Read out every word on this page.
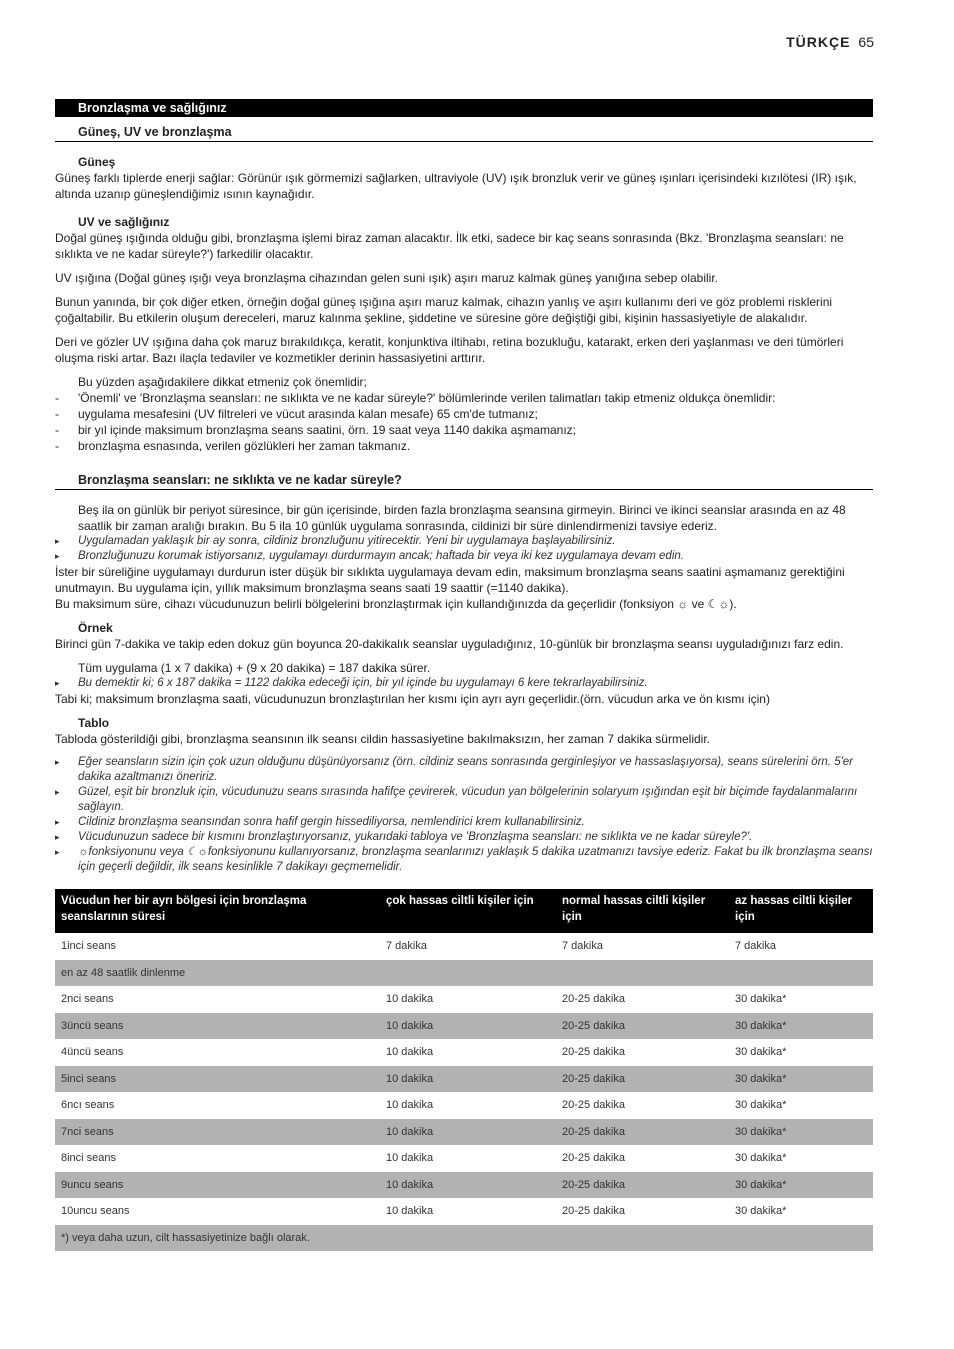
TÜRKÇE 65
Bronzlaşma ve sağlığınız
Güneş, UV ve bronzlaşma

Güneş

Güneş farklı tiplerde enerji sağlar: Görünür ışık görmemizi sağlarken, ultraviyole (UV) ışık bronzluk verir ve güneş ışınları içerisindeki kızılötesi (IR) ışık, altında uzanıp güneşlendiğimiz ısının kaynağıdır.

UV ve sağlığınız

Doğal güneş ışığında olduğu gibi, bronzlaşma işlemi biraz zaman alacaktır. İlk etki, sadece bir kaç seans sonrasında (Bkz. 'Bronzlaşma seansları: ne sıklıkta ve ne kadar süreyle?') farkedilir olacaktır.

UV ışığına (Doğal güneş ışığı veya bronzlaşma cihazından gelen suni ışık) aşırı maruz kalmak güneş yanığına sebep olabilir.

Bunun yanında, bir çok diğer etken, örneğin doğal güneş ışığına aşırı maruz kalmak, cihazın yanlış ve aşırı kullanımı deri ve göz problemi risklerini çoğaltabilir. Bu etkilerin oluşum dereceleri, maruz kalınma şekline, şiddetine ve süresine göre değiştiği gibi, kişinin hassasiyetiyle de alakalıdır.

Deri ve gözler UV ışığına daha çok maruz bırakıldıkça, keratit, konjunktiva iltihabı, retina bozukluğu, katarakt, erken deri yaşlanması ve deri tümörleri oluşma riski artar. Bazı ilaçla tedaviler ve kozmetikler derinin hassasiyetini arttırır.

Bu yüzden aşağıdakilere dikkat etmeniz çok önemlidir;

- 'Önemli' ve 'Bronzlaşma seansları: ne sıklıkta ve ne kadar süreyle?' bölümlerinde verilen talimatları takip etmeniz oldukça önemlidir:
- uygulama mesafesini (UV filtreleri ve vücut arasında kalan mesafe) 65 cm'de tutmanız;
- bir yıl içinde maksimum bronzlaşma seans saatini, örn. 19 saat veya 1140 dakika aşmamanız;
- bronzlaşma esnasında, verilen gözlükleri her zaman takmanız.
Bronzlaşma seansları: ne sıklıkta ve ne kadar süreyle?

Beş ila on günlük bir periyot süresince, bir gün içerisinde, birden fazla bronzlaşma seansına girmeyin. Birinci ve ikinci seanslar arasında en az 48 saatlik bir zaman aralığı bırakın. Bu 5 ila 10 günlük uygulama sonrasında, cildinizi bir süre dinlendirmenizi tavsiye ederiz.

▸ Uygulamadan yaklaşık bir ay sonra, cildiniz bronzluğunu yitirecektir. Yeni bir uygulamaya başlayabilirsiniz.
▸ Bronzluğunuzu korumak istiyorsanız, uygulamayı durdurmayın ancak; haftada bir veya iki kez uygulamaya devam edin.

İster bir süreliğine uygulamayı durdurun ister düşük bir sıklıkta uygulamaya devam edin, maksimum bronzlaşma seans saatini aşmamanız gerektiğini unutmayın. Bu uygulama için, yıllık maksimum bronzlaşma seans saati 19 saattir (=1140 dakika).

Bu maksimum süre, cihazı vücudunuzun belirli bölgelerini bronzlaştırmak için kullandığınızda da geçerlidir (fonksiyon ☼ ve ☾☼).

Örnek

Birinci gün 7-dakika ve takip eden dokuz gün boyunca 20-dakikalık seanslar uyguladığınız, 10-günlük bir bronzlaşma seansı uyguladığınızı farz edin.

Tüm uygulama (1 x 7 dakika) + (9 x 20 dakika) = 187 dakika sürer.

▸ Bu demektir ki; 6 x 187 dakika = 1122 dakika edeceği için, bir yıl içinde bu uygulamayı 6 kere tekrarlayabilirsiniz.

Tabi ki; maksimum bronzlaşma saati, vücudunuzun bronzlaştırılan her kısmı için ayrı ayrı geçerlidir.(örn. vücudun arka ve ön kısmı için)

Tablo

Tabloda gösterildiği gibi, bronzlaşma seansının ilk seansı cildin hassasiyetine bakılmaksızın, her zaman 7 dakika sürmelidir.

▸ Eğer seansların sizin için çok uzun olduğunu düşünüyorsanız (örn. cildiniz seans sonrasında gerginleşiyor ve hassaslaşıyorsa), seans sürelerini örn. 5'er dakika azaltmanızı öneririz.
▸ Güzel, eşit bir bronzluk için, vücudunuzu seans sırasında hafifçe çevirerek, vücudun yan bölgelerinin solaryum ışığından eşit bir biçimde faydalanmalarını sağlayın.
▸ Cildiniz bronzlaşma seansından sonra hafif gergin hissediliyorsa, nemlendirici krem kullanabilirsiniz.
▸ Vücudunuzun sadece bir kısmını bronzlaştırıyorsanız, yukarıdaki tabloya ve 'Bronzlaşma seansları: ne sıklıkta ve ne kadar süreyle?'.
▸ ☼fonksiyonunu veya ☾☼fonksiyonunu kullanıyorsanız, bronzlaşma seanlarınızı yaklaşık 5 dakika uzatmanızı tavsiye ederiz. Fakat bu ilk bronzlaşma seansı için geçerli değildir, ilk seans kesinlikle 7 dakikayı geçmemelidir.
Vücudun her bir ayrı bölgesi için bronzlaşma seanslarının süresi	çok hassas ciltli kişiler için	normal hassas ciltli kişiler için	az hassas ciltli kişiler için
1inci seans	7 dakika	7 dakika	7 dakika
en az 48 saatlik dinlenme			
2nci seans	10 dakika	20-25 dakika	30 dakika*
3üncü seans	10 dakika	20-25 dakika	30 dakika*
4üncü seans	10 dakika	20-25 dakika	30 dakika*
5inci seans	10 dakika	20-25 dakika	30 dakika*
6ncı seans	10 dakika	20-25 dakika	30 dakika*
7nci seans	10 dakika	20-25 dakika	30 dakika*
8inci seans	10 dakika	20-25 dakika	30 dakika*
9uncu seans	10 dakika	20-25 dakika	30 dakika*
10uncu seans	10 dakika	20-25 dakika	30 dakika*
*) veya daha uzun, cilt hassasiyetinize bağlı olarak.			
